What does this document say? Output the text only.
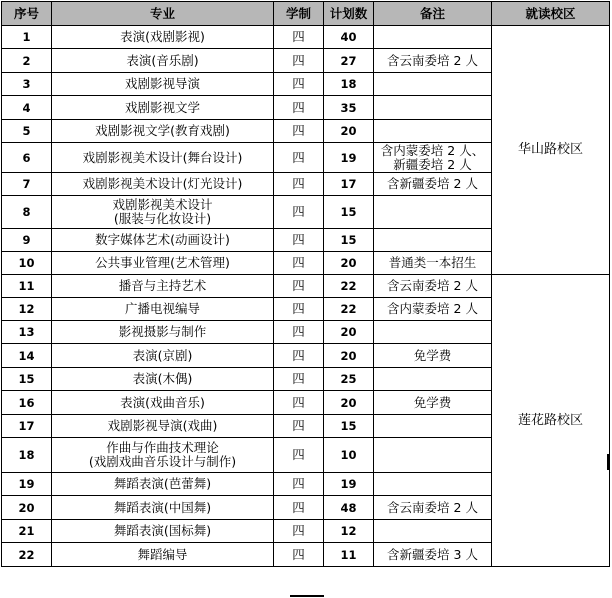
序号	专业	学制	计划数	备注	就读校区
1	表演(戏剧影视)	四	40		华山路校区
2	表演(音乐剧)	四	27	含云南委培 2 人	
3	戏剧影视导演	四	18		
4	戏剧影视文学	四	35		
5	戏剧影视文学(教育戏剧)	四	20		
6	戏剧影视美术设计(舞台设计)	四	19	含内蒙委培 2 人、
新疆委培 2 人	
7	戏剧影视美术设计(灯光设计)	四	17	含新疆委培 2 人	
8	戏剧影视美术设计
(服装与化妆设计)	四	15		
9	数字媒体艺术(动画设计)	四	15		
10	公共事业管理(艺术管理)	四	20	普通类一本招生	
11	播音与主持艺术	四	22	含云南委培 2 人	莲花路校区
12	广播电视编导	四	22	含内蒙委培 2 人	
13	影视摄影与制作	四	20		
14	表演(京剧)	四	20	免学费	
15	表演(木偶)	四	25		
16	表演(戏曲音乐)	四	20	免学费	
17	戏剧影视导演(戏曲)	四	15		
18	作曲与作曲技术理论
(戏剧戏曲音乐设计与制作)	四	10		
19	舞蹈表演(芭蕾舞)	四	19		
20	舞蹈表演(中国舞)	四	48	含云南委培 2 人	
21	舞蹈表演(国标舞)	四	12		
22	舞蹈编导	四	11	含新疆委培 3 人	
